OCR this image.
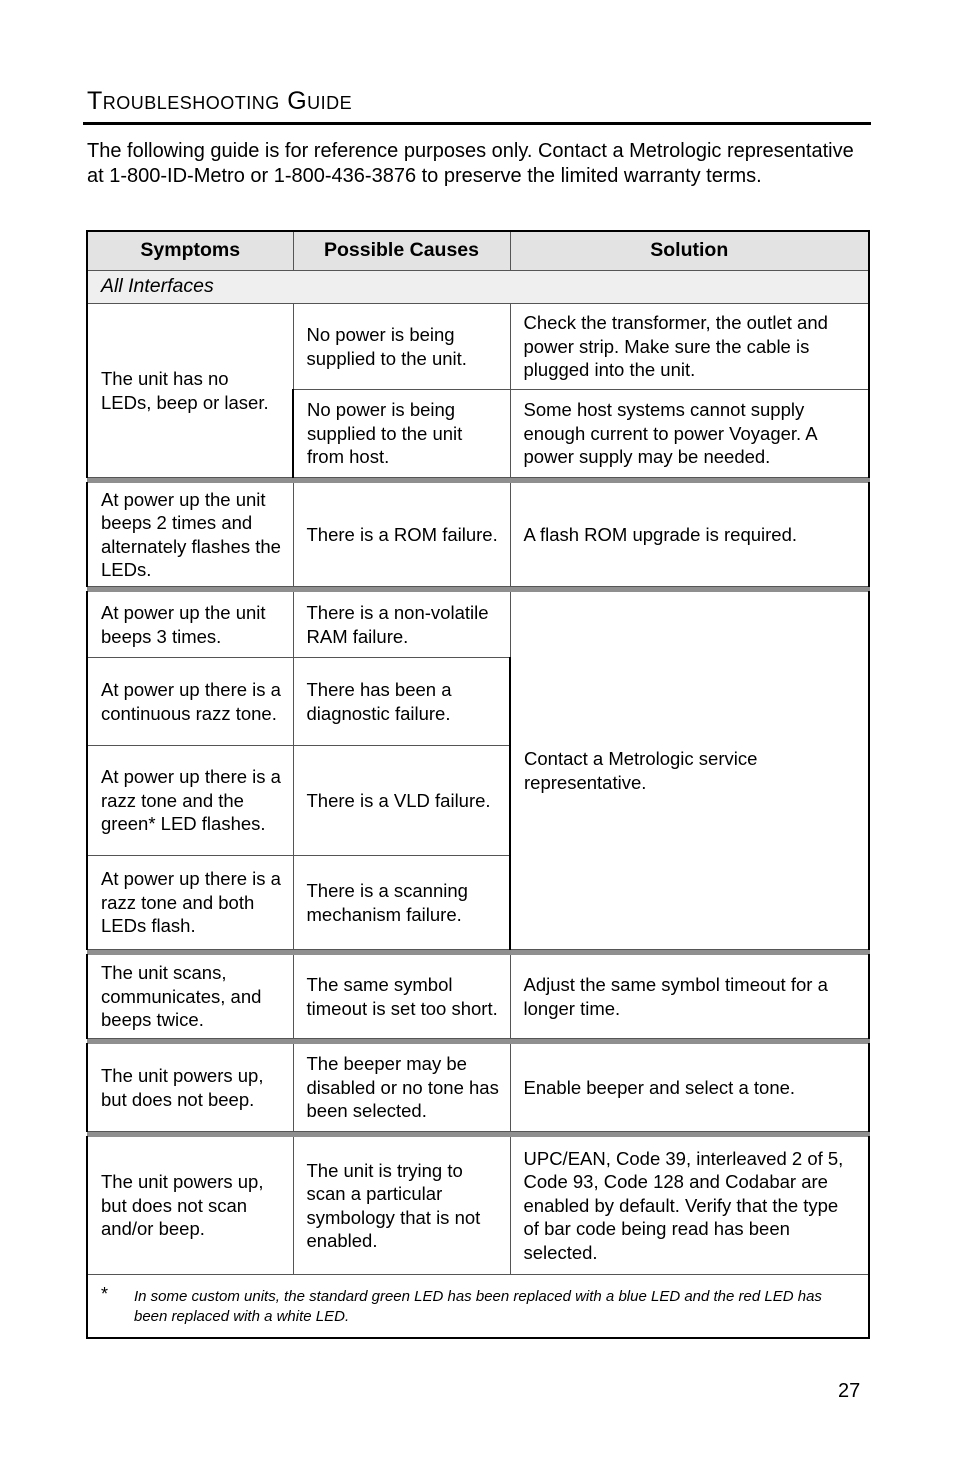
Troubleshooting Guide

The following guide is for reference purposes only. Contact a Metrologic representative at 1-800-ID-Metro or 1-800-436-3876 to preserve the limited warranty terms.

Symptoms	Possible Causes	Solution
All Interfaces		
The unit has no LEDs, beep or laser.	No power is being supplied to the unit.	Check the transformer, the outlet and power strip. Make sure the cable is plugged into the unit.
	No power is being supplied to the unit from host.	Some host systems cannot supply enough current to power Voyager. A power supply may be needed.

At power up the unit beeps 2 times and alternately flashes the LEDs.	There is a ROM failure.	A flash ROM upgrade is required.

At power up the unit beeps 3 times.	There is a non-volatile RAM failure.	Contact a Metrologic service representative.
At power up there is a continuous razz tone.	There has been a diagnostic failure.	
At power up there is a razz tone and the green* LED flashes.	There is a VLD failure.	
At power up there is a razz tone and both LEDs flash.	There is a scanning mechanism failure.	

The unit scans, communicates, and beeps twice.	The same symbol timeout is set too short.	Adjust the same symbol timeout for a longer time.

The unit powers up, but does not beep.	The beeper may be disabled or no tone has been selected.	Enable beeper and select a tone.

The unit powers up, but does not scan and/or beep.	The unit is trying to scan a particular symbology that is not enabled.	UPC/EAN, Code 39, interleaved 2 of 5, Code 93, Code 128 and Codabar are enabled by default. Verify that the type of bar code being read has been selected.
* In some custom units, the standard green LED has been replaced with a blue LED and the red LED has been replaced with a white LED.		
27
